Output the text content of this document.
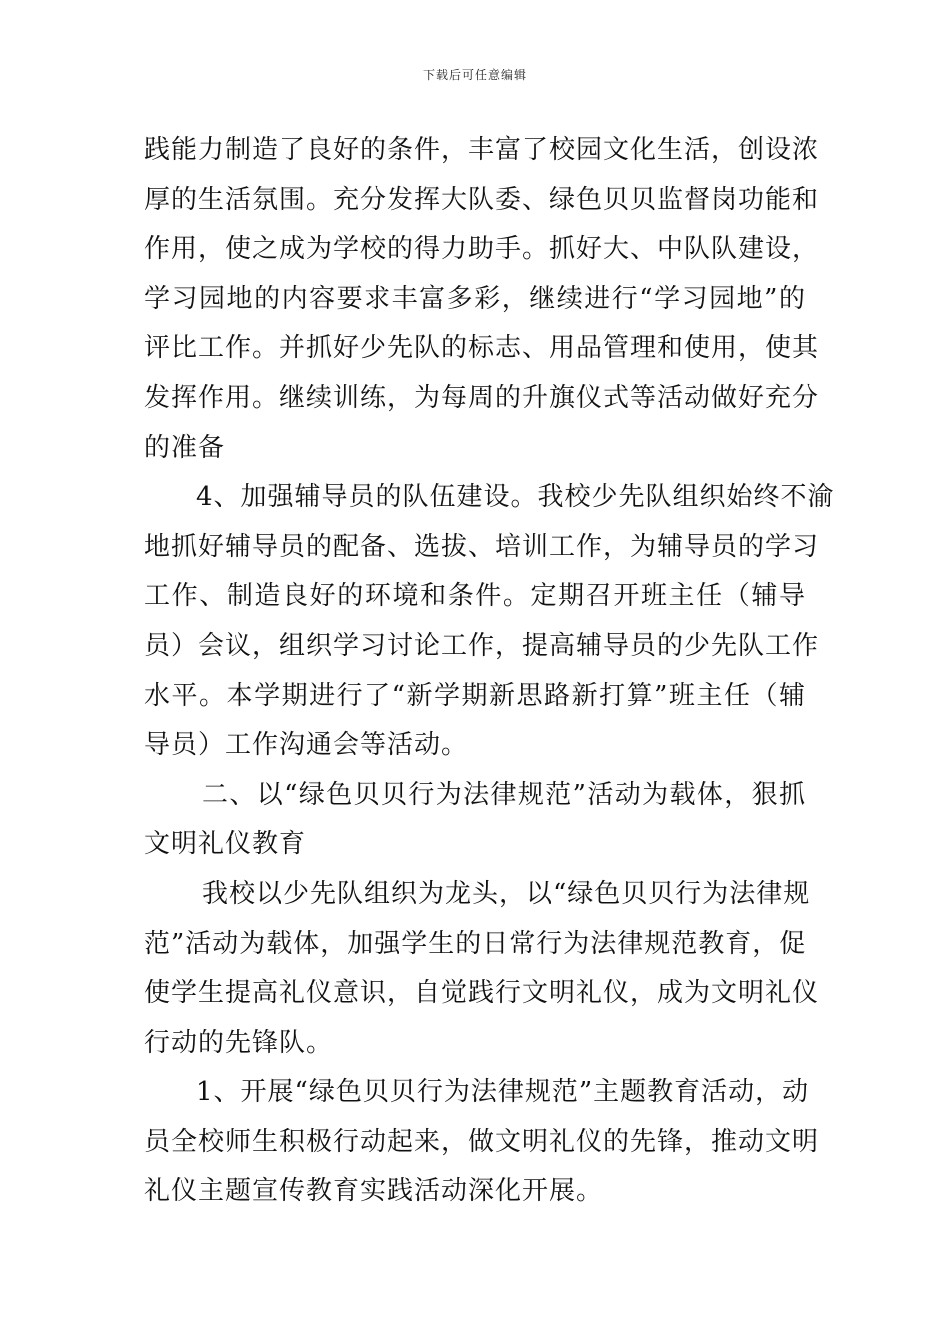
下载后可任意编辑
践能力制造了良好的条件，丰富了校园文化生活，创设浓
厚的生活氛围。充分发挥大队委、绿色贝贝监督岗功能和
作用，使之成为学校的得力助手。抓好大、中队队建设，
学习园地的内容要求丰富多彩，继续进行“学习园地”的
评比工作。并抓好少先队的标志、用品管理和使用，使其
发挥作用。继续训练，为每周的升旗仪式等活动做好充分
的准备
4、加强辅导员的队伍建设。我校少先队组织始终不渝
地抓好辅导员的配备、选拔、培训工作，为辅导员的学习
工作、制造良好的环境和条件。定期召开班主任（辅导
员）会议，组织学习讨论工作，提高辅导员的少先队工作
水平。本学期进行了“新学期新思路新打算”班主任（辅
导员）工作沟通会等活动。
二、以“绿色贝贝行为法律规范”活动为载体，狠抓
文明礼仪教育
我校以少先队组织为龙头，以“绿色贝贝行为法律规
范”活动为载体，加强学生的日常行为法律规范教育，促
使学生提高礼仪意识，自觉践行文明礼仪，成为文明礼仪
行动的先锋队。
1、开展“绿色贝贝行为法律规范”主题教育活动，动
员全校师生积极行动起来，做文明礼仪的先锋，推动文明
礼仪主题宣传教育实践活动深化开展。
